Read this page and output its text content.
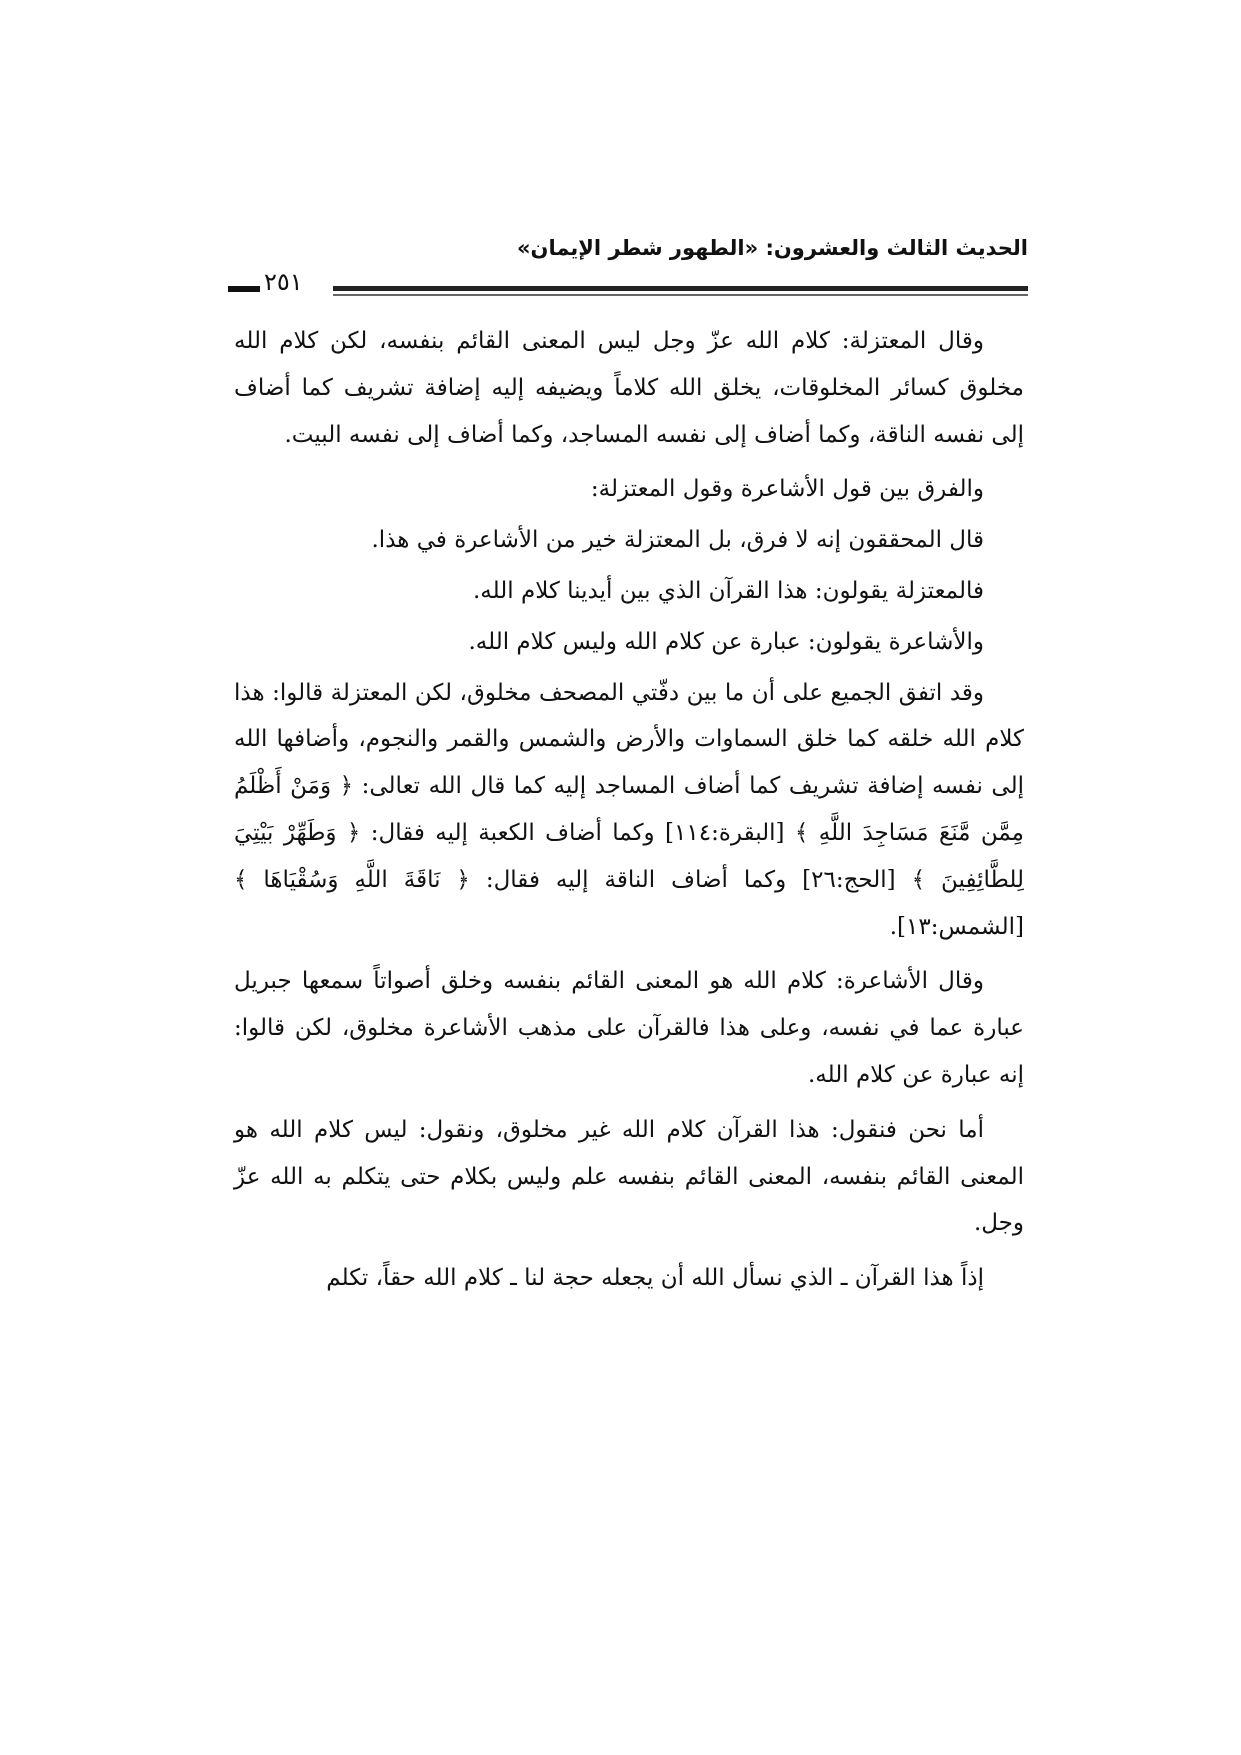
الحديث الثالث والعشرون: «الطهور شطر الإيمان»
٢٥١

وقال المعتزلة: كلام الله عزّ وجل ليس المعنى القائم بنفسه، لكن كلام الله مخلوق كسائر المخلوقات، يخلق الله كلاماً ويضيفه إليه إضافة تشريف كما أضاف إلى نفسه الناقة، وكما أضاف إلى نفسه المساجد، وكما أضاف إلى نفسه البيت.

والفرق بين قول الأشاعرة وقول المعتزلة:

قال المحققون إنه لا فرق، بل المعتزلة خير من الأشاعرة في هذا.

فالمعتزلة يقولون: هذا القرآن الذي بين أيدينا كلام الله.

والأشاعرة يقولون: عبارة عن كلام الله وليس كلام الله.

وقد اتفق الجميع على أن ما بين دفّتي المصحف مخلوق، لكن المعتزلة قالوا: هذا كلام الله خلقه كما خلق السماوات والأرض والشمس والقمر والنجوم، وأضافها الله إلى نفسه إضافة تشريف كما أضاف المساجد إليه كما قال الله تعالى: ﴿ وَمَنْ أَظْلَمُ مِمَّن مَّنَعَ مَسَاجِدَ اللَّهِ ﴾ [البقرة:١١٤] وكما أضاف الكعبة إليه فقال: ﴿ وَطَهِّرْ بَيْتِيَ لِلطَّائِفِينَ ﴾ [الحج:٢٦] وكما أضاف الناقة إليه فقال: ﴿ نَاقَةَ اللَّهِ وَسُقْيَاهَا ﴾ [الشمس:١٣].

وقال الأشاعرة: كلام الله هو المعنى القائم بنفسه وخلق أصواتاً سمعها جبريل عبارة عما في نفسه، وعلى هذا فالقرآن على مذهب الأشاعرة مخلوق، لكن قالوا: إنه عبارة عن كلام الله.

أما نحن فنقول: هذا القرآن كلام الله غير مخلوق، ونقول: ليس كلام الله هو المعنى القائم بنفسه، المعنى القائم بنفسه علم وليس بكلام حتى يتكلم به الله عزّ وجل.

إذاً هذا القرآن ـ الذي نسأل الله أن يجعله حجة لنا ـ كلام الله حقاً، تكلم
